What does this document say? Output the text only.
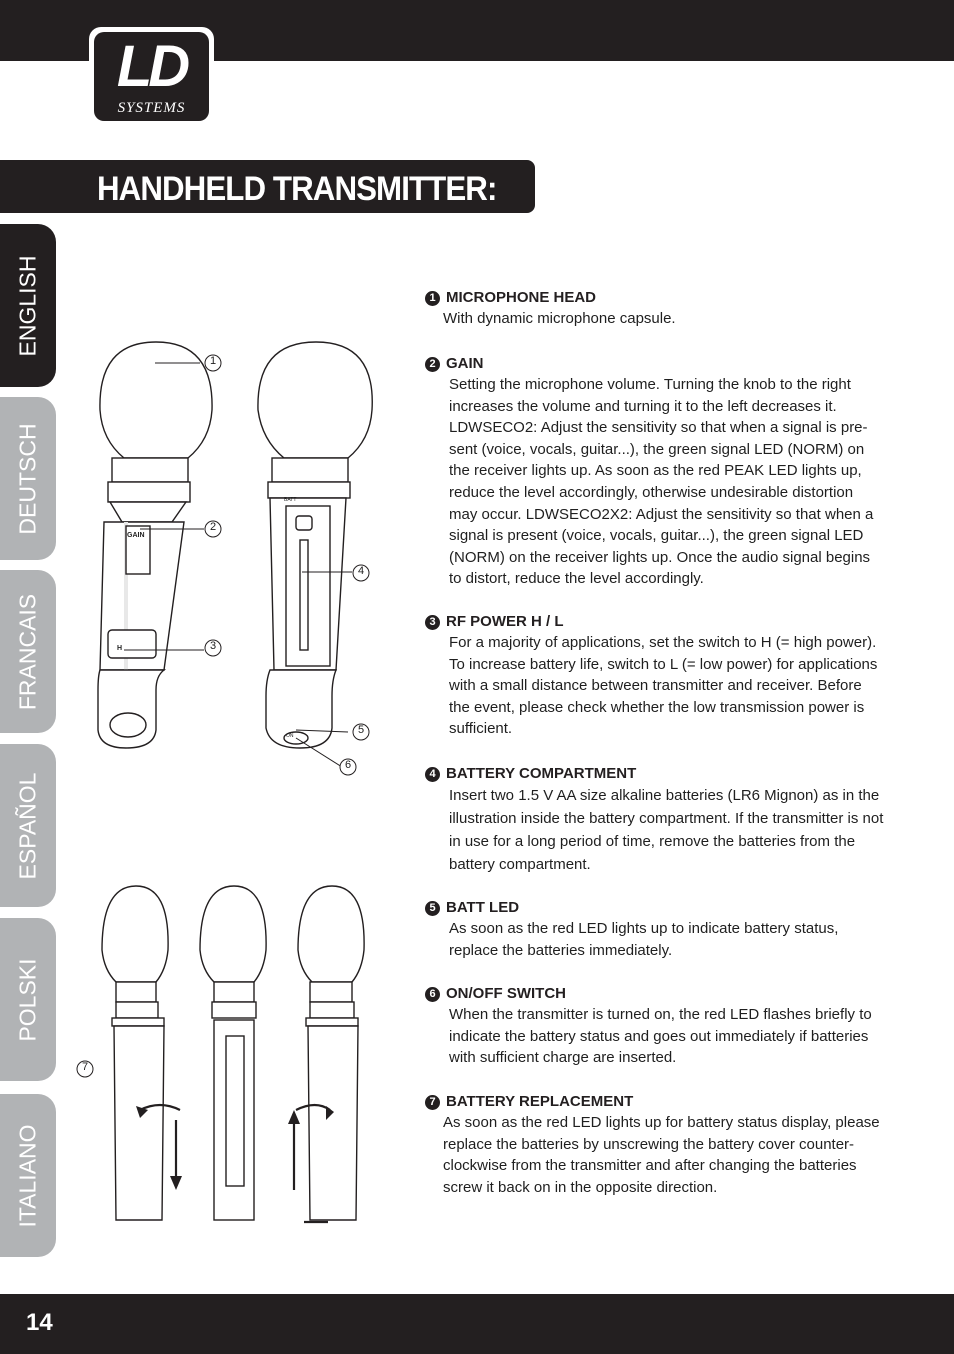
LD
SYSTEMS
HANDHELD TRANSMITTER:
ENGLISH
DEUTSCH
FRANCAIS
ESPAÑOL
POLSKI
ITALIANO
1
2
3
4
5
6
7
GAIN
H
BATT
ON
1 MICROPHONE HEAD
With dynamic microphone capsule.
2 GAIN
Setting the microphone volume. Turning the knob to the right increases the volume and turning it to the left decreases it. LDWSECO2: Adjust the sensitivity so that when a signal is pre-sent (voice, vocals, guitar...), the green signal LED (NORM) on the receiver lights up. As soon as the red PEAK LED lights up, reduce the level accordingly, otherwise undesirable distortion may occur. LDWSECO2X2: Adjust the sensitivity so that when a signal is present (voice, vocals, guitar...), the green signal LED (NORM) on the receiver lights up. Once the audio signal begins to distort, reduce the level accordingly.
3 RF POWER H / L
For a majority of applications, set the switch to H (= high power). To increase battery life, switch to L (= low power) for applications with a small distance between transmitter and receiver. Before the event, please check whether the low transmission power is sufficient.
4 BATTERY COMPARTMENT
Insert two 1.5 V AA size alkaline batteries (LR6 Mignon) as in the illustration inside the battery compartment. If the transmitter is not in use for a long period of time, remove the batteries from the battery compartment.
5 BATT LED
As soon as the red LED lights up to indicate battery status, replace the batteries immediately.
6 ON/OFF SWITCH
When the transmitter is turned on, the red LED flashes briefly to indicate the battery status and goes out immediately if batteries with sufficient charge are inserted.
7 BATTERY REPLACEMENT
As soon as the red LED lights up for battery status display, please replace the batteries by unscrewing the battery cover counter-clockwise from the transmitter and after changing the batteries screw it back on in the opposite direction.
14
